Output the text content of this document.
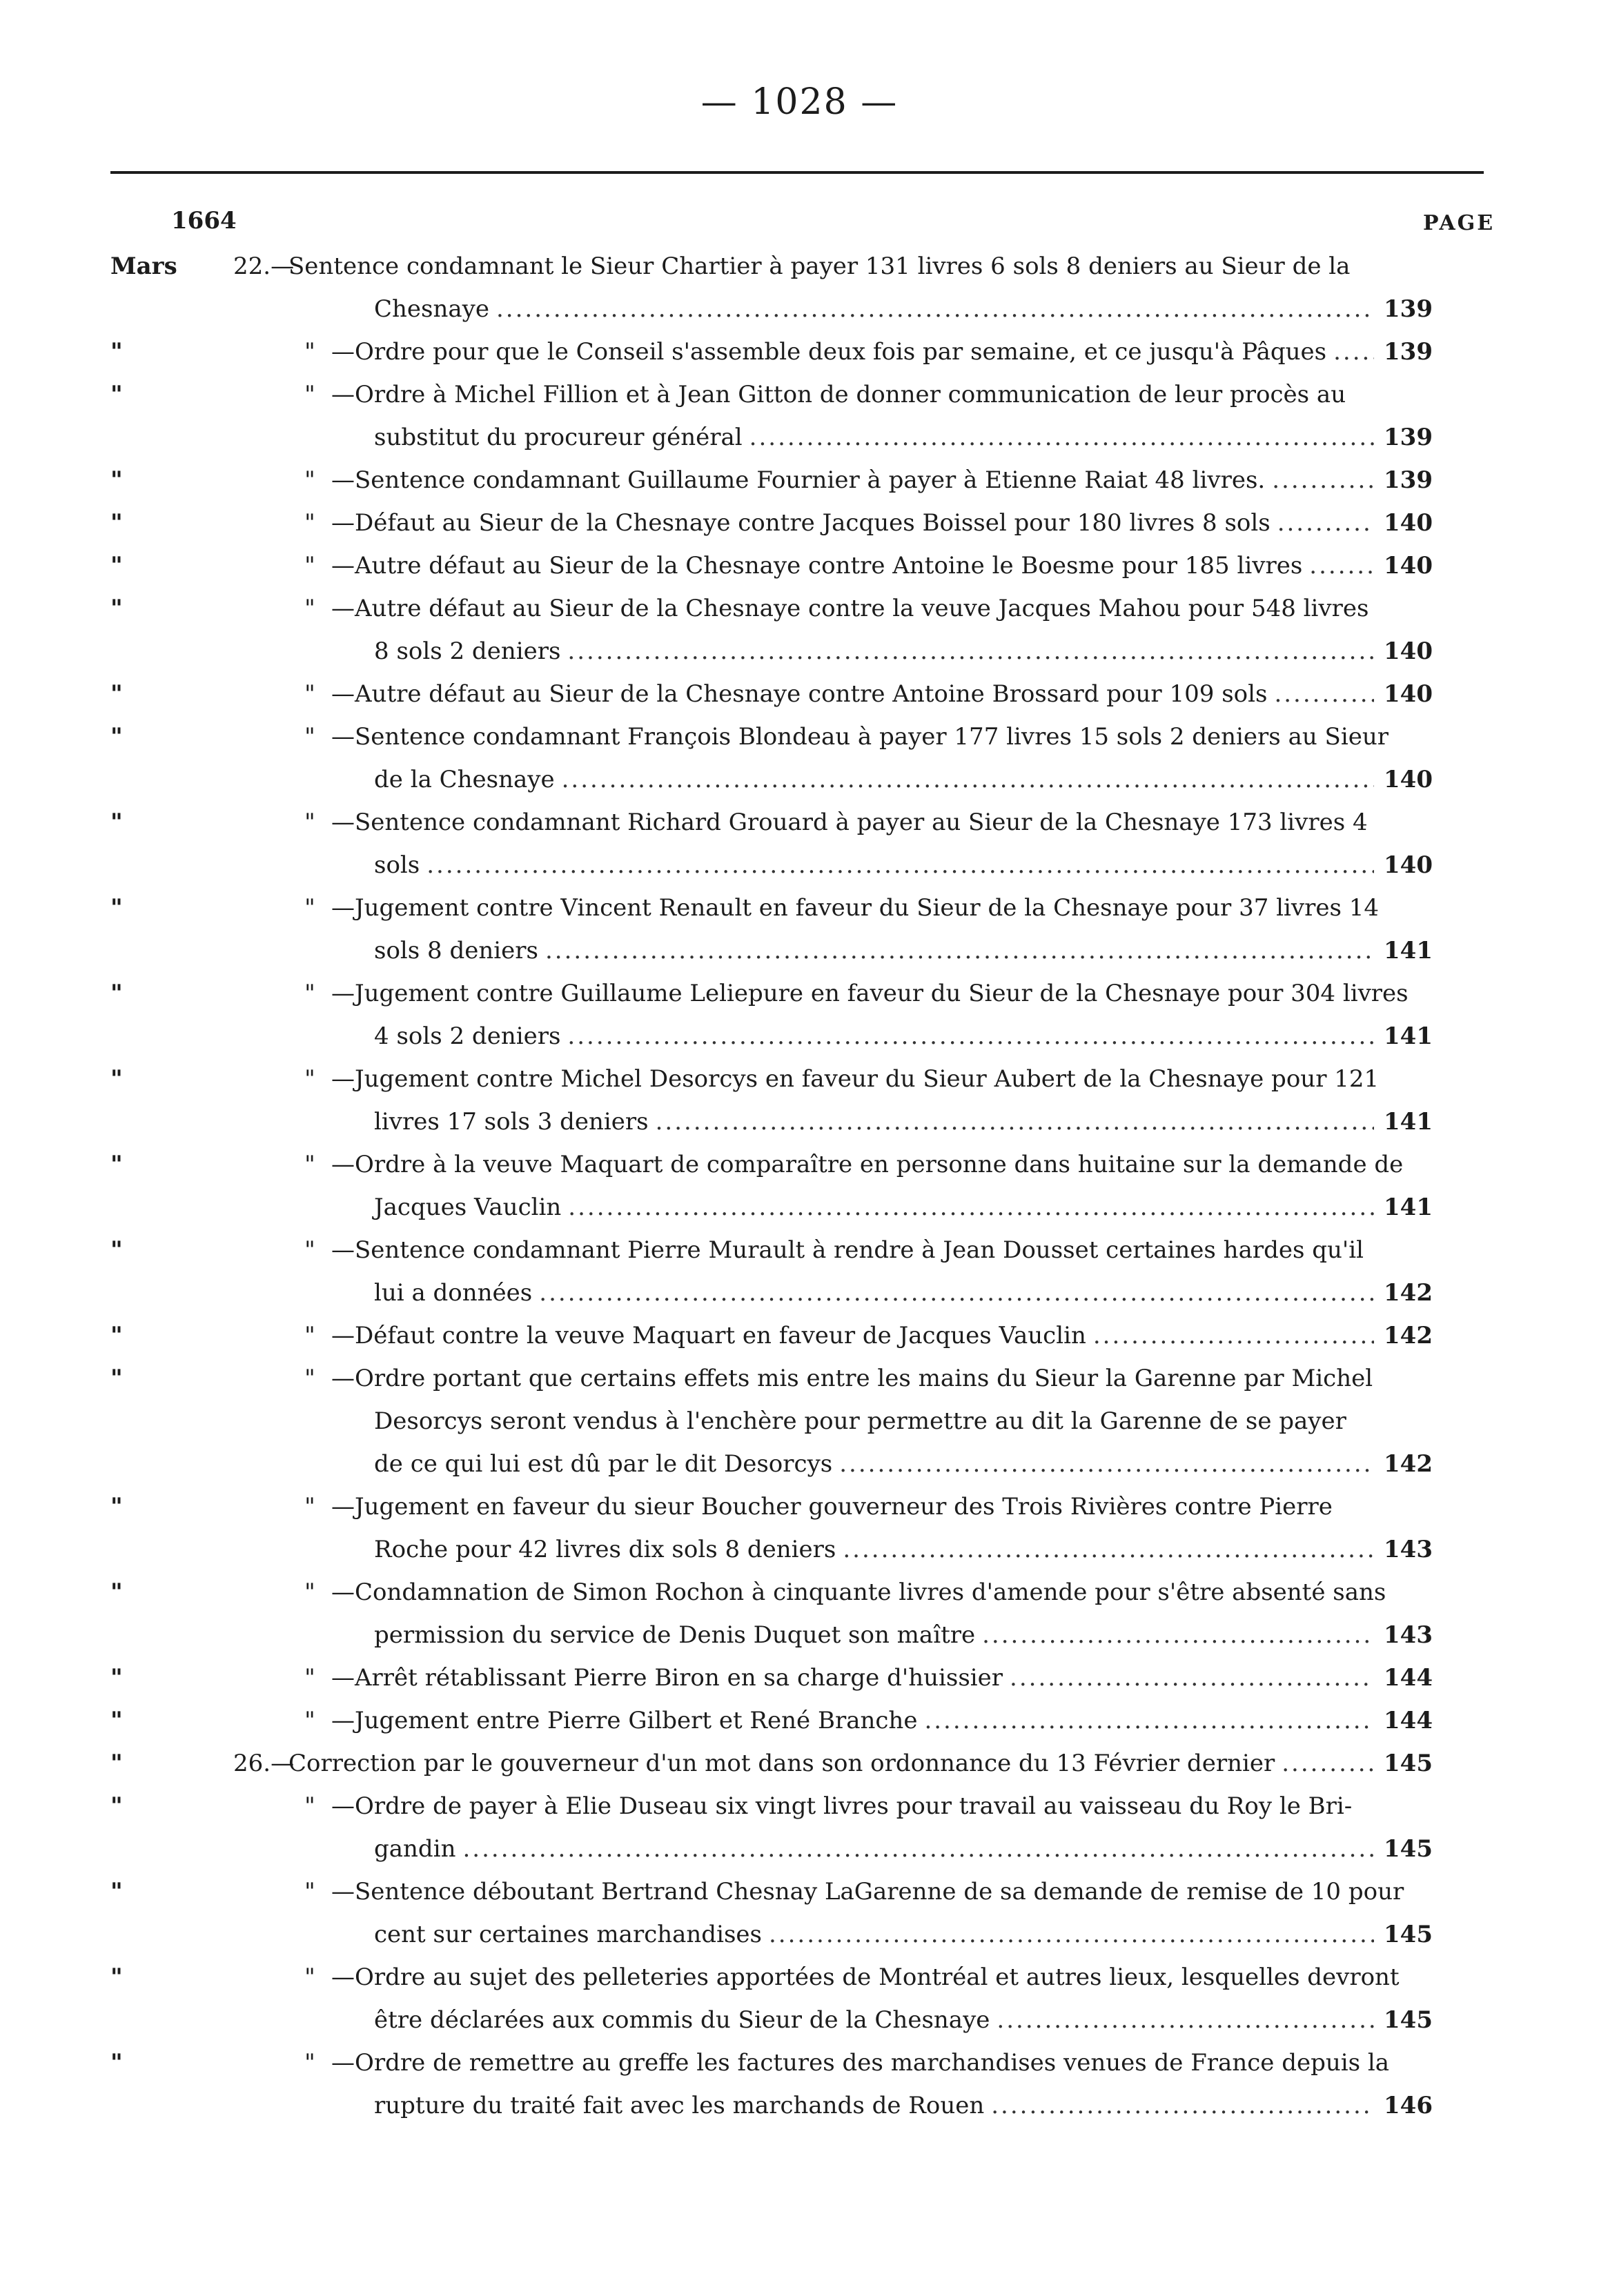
— 1028 —
1664	PAGE
Mars	22.—
Sentence condamnant le Sieur Chartier à payer 131 livres 6 sols 8 deniers au Sieur de la
Chesnaye .....	139
"	" —Ordre pour que le Conseil s'assemble deux fois par semaine, et ce jusqu'à Pâques ..... 139
"	" —Ordre à Michel Fillion et à Jean Gitton de donner communication de leur procès au
substitut du procureur général .....	139
"	" —Sentence condamnant Guillaume Fournier à payer à Etienne Raiat 48 livres. .....	139
"	" —Défaut au Sieur de la Chesnaye contre Jacques Boissel pour 180 livres 8 sols .....	140
"	" —Autre défaut au Sieur de la Chesnaye contre Antoine le Boesme pour 185 livres .....	140
"	" —Autre défaut au Sieur de la Chesnaye contre la veuve Jacques Mahou pour 548 livres
8 sols 2 deniers .....	140
"	" —Autre défaut au Sieur de la Chesnaye contre Antoine Brossard pour 109 sols .....	140
"	" —Sentence condamnant François Blondeau à payer 177 livres 15 sols 2 deniers au Sieur
de la Chesnaye .....	140
"	" —Sentence condamnant Richard Grouard à payer au Sieur de la Chesnaye 173 livres 4
sols .....	140
"	" —Jugement contre Vincent Renault en faveur du Sieur de la Chesnaye pour 37 livres 14
sols 8 deniers .....	141
"	" —Jugement contre Guillaume Leliepure en faveur du Sieur de la Chesnaye pour 304 livres
4 sols 2 deniers .....	141
"	" —Jugement contre Michel Desorcys en faveur du Sieur Aubert de la Chesnaye pour 121
livres 17 sols 3 deniers .....	141
"	" —Ordre à la veuve Maquart de comparaître en personne dans huitaine sur la demande de
Jacques Vauclin .....	141
"	" —Sentence condamnant Pierre Murault à rendre à Jean Dousset certaines hardes qu'il
lui a données .....	142
"	" —Défaut contre la veuve Maquart en faveur de Jacques Vauclin .....	142
"	" —Ordre portant que certains effets mis entre les mains du Sieur la Garenne par Michel
Desorcys seront vendus à l'enchère pour permettre au dit la Garenne de se payer
de ce qui lui est dû par le dit Desorcys .....	142
"	" —Jugement en faveur du sieur Boucher gouverneur des Trois Rivières contre Pierre
Roche pour 42 livres dix sols 8 deniers .....	143
"	" —Condamnation de Simon Rochon à cinquante livres d'amende pour s'être absenté sans
permission du service de Denis Duquet son maître .....	143
"	" —Arrêt rétablissant Pierre Biron en sa charge d'huissier .....	144
"	" —Jugement entre Pierre Gilbert et René Branche .....	144
"	26.—
Correction par le gouverneur d'un mot dans son ordonnance du 13 Février dernier .....	145
"	" —Ordre de payer à Elie Duseau six vingt livres pour travail au vaisseau du Roy le Bri-
gandin .....	145
"	" —Sentence déboutant Bertrand Chesnay LaGarenne de sa demande de remise de 10 pour
cent sur certaines marchandises .....	145
"	" —Ordre au sujet des pelleteries apportées de Montréal et autres lieux, lesquelles devront
être déclarées aux commis du Sieur de la Chesnaye .....	145
"	" —Ordre de remettre au greffe les factures des marchandises venues de France depuis la
rupture du traité fait avec les marchands de Rouen .....	146
